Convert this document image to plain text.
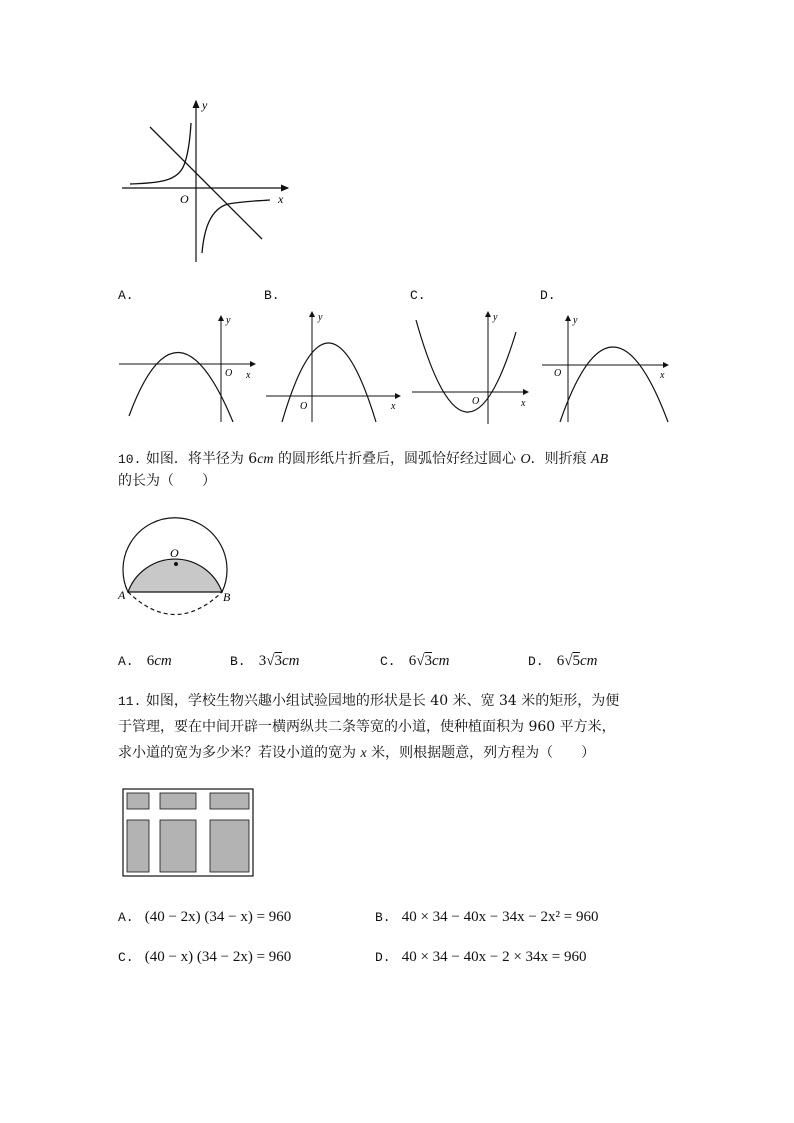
y
x
O
A.	B.	C.	D.
y
x
O
y
x
O
y
x
O
y
x
O
10. 如图．将半径为 6cm 的圆形纸片折叠后，圆弧恰好经过圆心 O．则折痕 AB
的长为（　　）
O
A	B
A. 6cm	B. 3√3cm	C. 6√3cm	D. 6√5cm
11. 如图，学校生物兴趣小组试验园地的形状是长 40 米、宽 34 米的矩形，为便
于管理，要在中间开辟一横两纵共二条等宽的小道，使种植面积为 960 平方米，
求小道的宽为多少米？若设小道的宽为 x 米，则根据题意，列方程为（　　）
A. (40 − 2x) (34 − x) = 960	B. 40 × 34 − 40x − 34x − 2x² = 960
C. (40 − x) (34 − 2x) = 960	D. 40 × 34 − 40x − 2 × 34x = 960
